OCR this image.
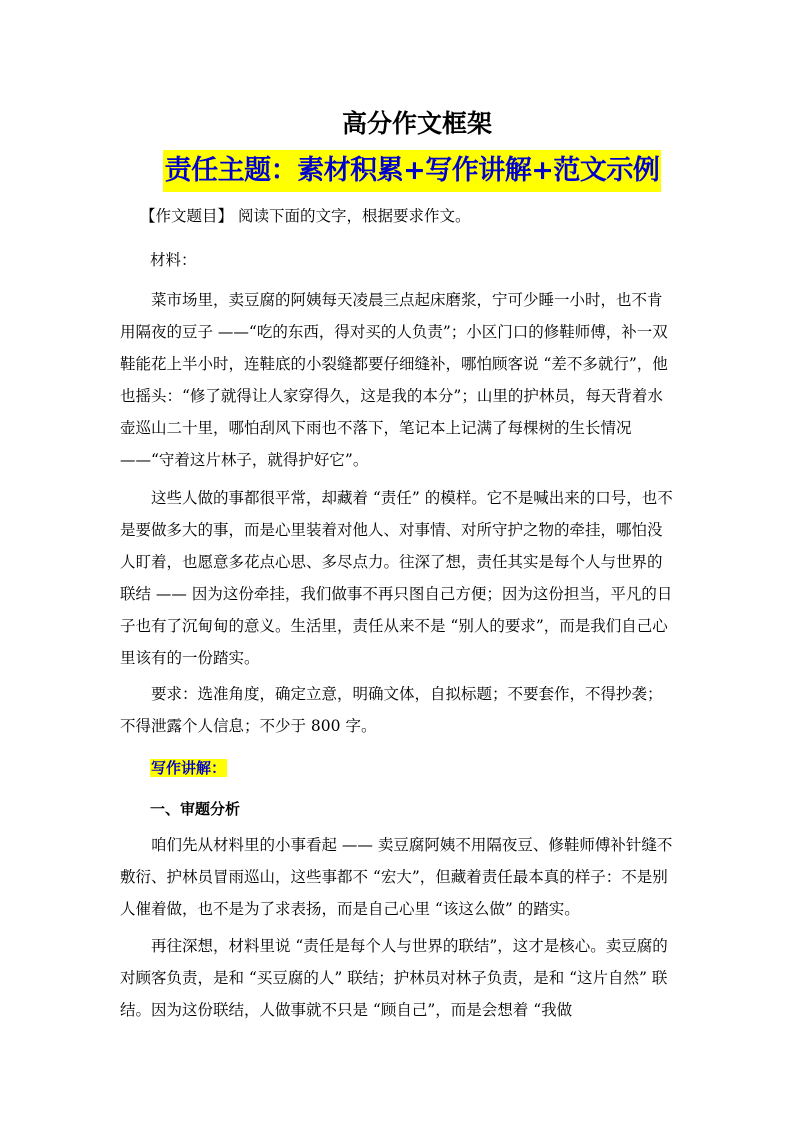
高分作文框架
责任主题：素材积累+写作讲解+范文示例
【作文题目】 阅读下面的文字，根据要求作文。
材料：

菜市场里，卖豆腐的阿姨每天凌晨三点起床磨浆，宁可少睡一小时，也不肯用隔夜的豆子 ——“吃的东西，得对买的人负责”；小区门口的修鞋师傅，补一双鞋能花上半小时，连鞋底的小裂缝都要仔细缝补，哪怕顾客说 “差不多就行”，他也摇头：“修了就得让人家穿得久，这是我的本分”；山里的护林员，每天背着水壶巡山二十里，哪怕刮风下雨也不落下，笔记本上记满了每棵树的生长情况 ——“守着这片林子，就得护好它”。

这些人做的事都很平常，却藏着 “责任” 的模样。它不是喊出来的口号，也不是要做多大的事，而是心里装着对他人、对事情、对所守护之物的牵挂，哪怕没人盯着，也愿意多花点心思、多尽点力。往深了想，责任其实是每个人与世界的联结 —— 因为这份牵挂，我们做事不再只图自己方便；因为这份担当，平凡的日子也有了沉甸甸的意义。生活里，责任从来不是 “别人的要求”，而是我们自己心里该有的一份踏实。

要求：选准角度，确定立意，明确文体，自拟标题；不要套作，不得抄袭；不得泄露个人信息；不少于 800 字。

写作讲解：
一、审题分析

咱们先从材料里的小事看起 —— 卖豆腐阿姨不用隔夜豆、修鞋师傅补针缝不敷衍、护林员冒雨巡山，这些事都不 “宏大”，但藏着责任最本真的样子：不是别人催着做，也不是为了求表扬，而是自己心里 “该这么做” 的踏实。

再往深想，材料里说 “责任是每个人与世界的联结”，这才是核心。卖豆腐的对顾客负责，是和 “买豆腐的人” 联结；护林员对林子负责，是和 “这片自然” 联结。因为这份联结，人做事就不只是 “顾自己”，而是会想着 “我做
